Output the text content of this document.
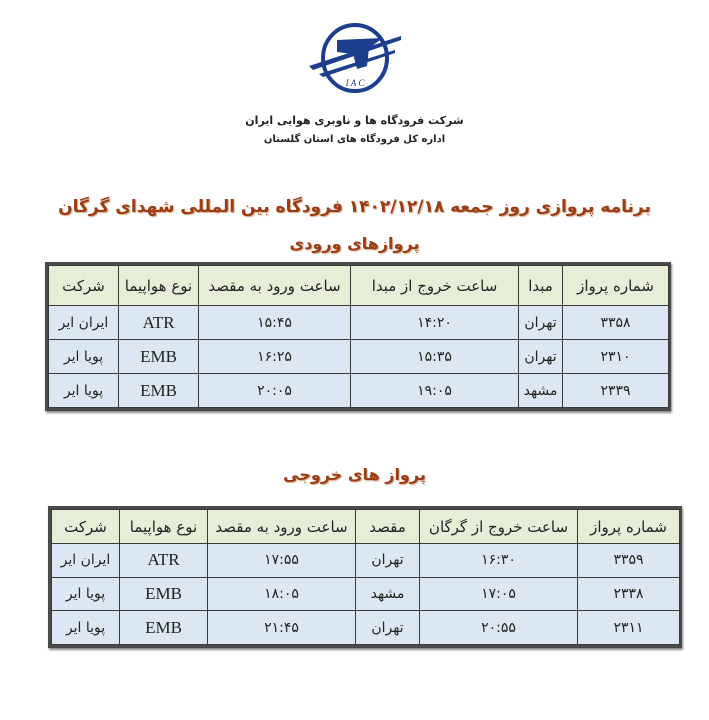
I A C
شرکت فرودگاه ها و ناوبری هوایی ایران
اداره کل فرودگاه های استان گلستان
برنامه پروازی روز جمعه ۱۴۰۲/۱۲/۱۸ فرودگاه بین المللی شهدای گرگان
پروازهای ورودی
شماره پرواز	مبدا	ساعت خروج از مبدا	ساعت ورود به مقصد	نوع هواپیما	شرکت
۳۳۵۸	تهران	۱۴:۲۰	۱۵:۴۵	ATR	ایران ایر
۲۳۱۰	تهران	۱۵:۳۵	۱۶:۲۵	EMB	پویا ایر
۲۳۳۹	مشهد	۱۹:۰۵	۲۰:۰۵	EMB	پویا ایر
پرواز های خروجی
شماره پرواز	ساعت خروج از گرگان	مقصد	ساعت ورود به مقصد	نوع هواپیما	شرکت
۳۳۵۹	۱۶:۳۰	تهران	۱۷:۵۵	ATR	ایران ایر
۲۳۳۸	۱۷:۰۵	مشهد	۱۸:۰۵	EMB	پویا ایر
۲۳۱۱	۲۰:۵۵	تهران	۲۱:۴۵	EMB	پویا ایر
